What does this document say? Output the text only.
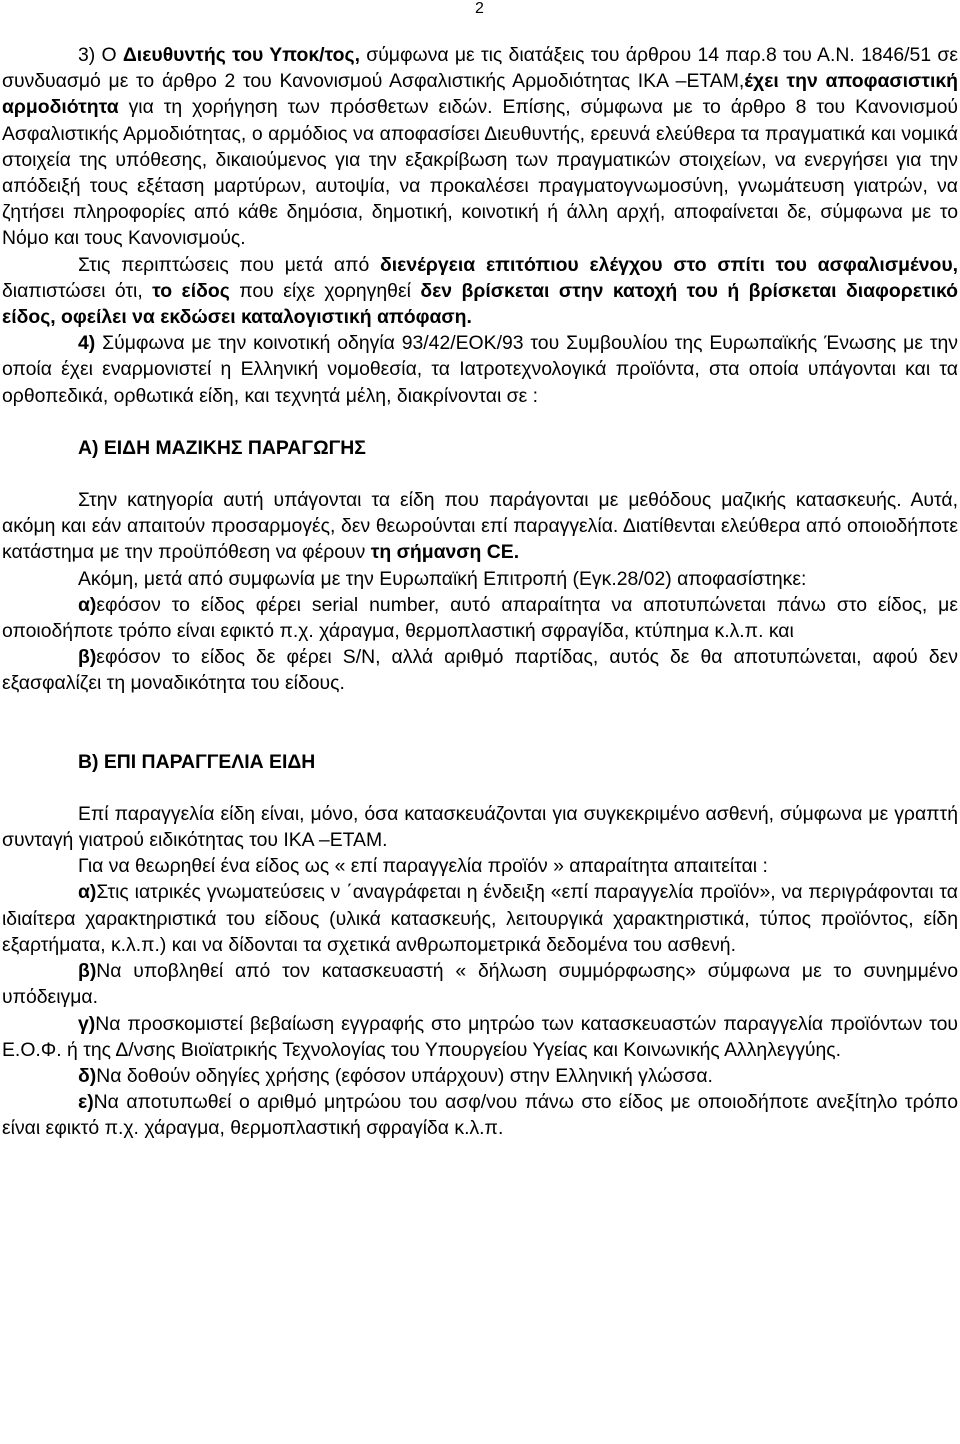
2

3) Ο Διευθυντής του Υποκ/τος, σύμφωνα με τις διατάξεις του άρθρου 14 παρ.8 του Α.Ν. 1846/51 σε συνδυασμό με το άρθρο 2 του Κανονισμού Ασφαλιστικής Αρμοδιότητας ΙΚΑ –ΕΤΑΜ,έχει την αποφασιστική αρμοδιότητα για τη χορήγηση των πρόσθετων ειδών. Επίσης, σύμφωνα με το άρθρο 8 του Κανονισμού Ασφαλιστικής Αρμοδιότητας, ο αρμόδιος να αποφασίσει Διευθυντής, ερευνά ελεύθερα τα πραγματικά και νομικά στοιχεία της υπόθεσης, δικαιούμενος για την εξακρίβωση των πραγματικών στοιχείων, να ενεργήσει για την απόδειξή τους εξέταση μαρτύρων, αυτοψία, να προκαλέσει πραγματογνωμοσύνη, γνωμάτευση γιατρών, να ζητήσει πληροφορίες από κάθε δημόσια, δημοτική, κοινοτική ή άλλη αρχή, αποφαίνεται δε, σύμφωνα με το Νόμο και τους Κανονισμούς.

Στις περιπτώσεις που μετά από διενέργεια επιτόπιου ελέγχου στο σπίτι του ασφαλισμένου, διαπιστώσει ότι, το είδος που είχε χορηγηθεί δεν βρίσκεται στην κατοχή του ή βρίσκεται διαφορετικό είδος, οφείλει να εκδώσει καταλογιστική απόφαση.

4) Σύμφωνα με την κοινοτική οδηγία 93/42/ΕΟΚ/93 του Συμβουλίου της Ευρωπαϊκής Ένωσης με την οποία έχει εναρμονιστεί η Ελληνική νομοθεσία, τα Ιατροτεχνολογικά προϊόντα, στα οποία υπάγονται και τα ορθοπεδικά, ορθωτικά είδη, και τεχνητά μέλη, διακρίνονται σε :

Α) ΕΙΔΗ ΜΑΖΙΚΗΣ ΠΑΡΑΓΩΓΗΣ

Στην κατηγορία αυτή υπάγονται τα είδη που παράγονται με μεθόδους μαζικής κατασκευής. Αυτά, ακόμη και εάν απαιτούν προσαρμογές, δεν θεωρούνται επί παραγγελία. Διατίθενται ελεύθερα από οποιοδήποτε κατάστημα με την προϋπόθεση να φέρουν τη σήμανση CE.

Ακόμη, μετά από συμφωνία με την Ευρωπαϊκή Επιτροπή (Εγκ.28/02) αποφασίστηκε:

α)εφόσον το είδος φέρει serial number, αυτό απαραίτητα να αποτυπώνεται πάνω στο είδος, με οποιοδήποτε τρόπο είναι εφικτό π.χ. χάραγμα, θερμοπλαστική σφραγίδα, κτύπημα κ.λ.π. και

β)εφόσον το είδος δε φέρει S/N, αλλά αριθμό παρτίδας, αυτός δε θα αποτυπώνεται, αφού δεν εξασφαλίζει τη μοναδικότητα του είδους.

Β) ΕΠΙ ΠΑΡΑΓΓΕΛΙΑ ΕΙΔΗ

Επί παραγγελία είδη είναι, μόνο, όσα κατασκευάζονται για συγκεκριμένο ασθενή, σύμφωνα με γραπτή συνταγή γιατρού ειδικότητας του ΙΚΑ –ΕΤΑΜ.

Για να θεωρηθεί ένα είδος ως « επί παραγγελία προϊόν » απαραίτητα απαιτείται :

α)Στις ιατρικές γνωματεύσεις ν ΄αναγράφεται η ένδειξη «επί παραγγελία προϊόν», να περιγράφονται τα ιδιαίτερα χαρακτηριστικά του είδους (υλικά κατασκευής, λειτουργικά χαρακτηριστικά, τύπος προϊόντος, είδη εξαρτήματα, κ.λ.π.) και να δίδονται τα σχετικά ανθρωπομετρικά δεδομένα του ασθενή.

β)Να υποβληθεί από τον κατασκευαστή « δήλωση συμμόρφωσης» σύμφωνα με το συνημμένο υπόδειγμα.

γ)Να προσκομιστεί βεβαίωση εγγραφής στο μητρώο των κατασκευαστών παραγγελία προϊόντων του Ε.Ο.Φ. ή της Δ/νσης Βιοϊατρικής Τεχνολογίας του Υπουργείου Υγείας και Κοινωνικής Αλληλεγγύης.

δ)Να δοθούν οδηγίες χρήσης (εφόσον υπάρχουν) στην Ελληνική γλώσσα.

ε)Να αποτυπωθεί ο αριθμό μητρώου του ασφ/νου πάνω στο είδος με οποιοδήποτε ανεξίτηλο τρόπο είναι εφικτό π.χ. χάραγμα, θερμοπλαστική σφραγίδα κ.λ.π.
